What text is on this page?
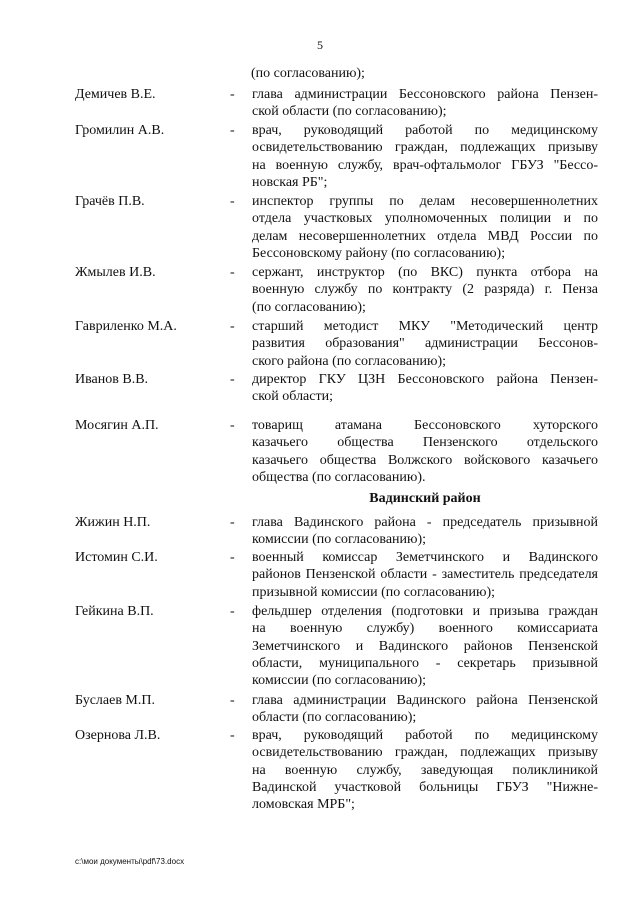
5
(по согласованию);
Демичев В.Е.	- глава администрации Бессоновского района Пензен-
ской области (по согласованию);
Громилин А.В.	- врач, руководящий работой по медицинскому
освидетельствованию граждан, подлежащих призыву
на военную службу, врач-офтальмолог ГБУЗ "Бессо-
новская РБ";
Грачёв П.В.	- инспектор группы по делам несовершеннолетних
отдела участковых уполномоченных полиции и по
делам несовершеннолетних отдела МВД России по
Бессоновскому району (по согласованию);
Жмылев И.В.	- сержант, инструктор (по ВКС) пункта отбора на
военную службу по контракту (2 разряда) г. Пенза
(по согласованию);
Гавриленко М.А.	- старший методист МКУ "Методический центр
развития образования" администрации Бессонов-
ского района (по согласованию);
Иванов В.В.	- директор ГКУ ЦЗН Бессоновского района Пензен-
ской области;
Мосягин А.П.	- товарищ атамана Бессоновского хуторского
казачьего общества Пензенского отдельского
казачьего общества Волжского войскового казачьего
общества (по согласованию).
Вадинский район
Жижин Н.П.	- глава Вадинского района - председатель призывной
комиссии (по согласованию);
Истомин С.И.	- военный комиссар Земетчинского и Вадинского
районов Пензенской области - заместитель председателя
призывной комиссии (по согласованию);
Гейкина В.П.	- фельдшер отделения (подготовки и призыва граждан
на военную службу) военного комиссариата
Земетчинского и Вадинского районов Пензенской
области, муниципального - секретарь призывной
комиссии (по согласованию);
Буслаев М.П.	- глава администрации Вадинского района Пензенской
области (по согласованию);
Озернова Л.В.	- врач, руководящий работой по медицинскому
освидетельствованию граждан, подлежащих призыву
на военную службу, заведующая поликлиникой
Вадинской участковой больницы ГБУЗ "Нижне-
ломовская МРБ";
c:\мои документы\pdf\73.docx
